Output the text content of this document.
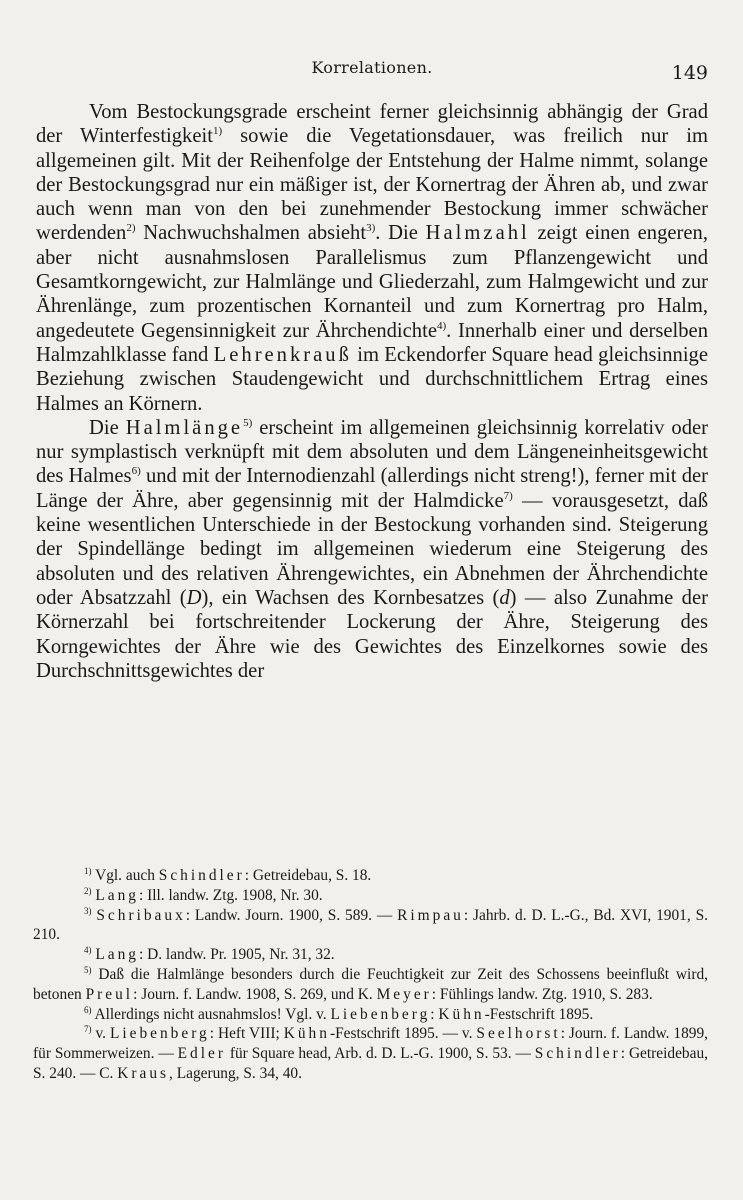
Korrelationen.	149

Vom Bestockungsgrade erscheint ferner gleichsinnig abhängig der Grad der Winterfestigkeit$^{1)}$ sowie die Vegetationsdauer, was freilich nur im allgemeinen gilt. Mit der Reihenfolge der Entstehung der Halme nimmt, solange der Bestockungsgrad nur ein mäßiger ist, der Kornertrag der Ähren ab, und zwar auch wenn man von den bei zunehmender Bestockung immer schwächer werdenden$^{2)}$ Nachwuchshalmen absieht$^{3)}$. Die Halmzahl zeigt einen engeren, aber nicht ausnahmslosen Parallelismus zum Pflanzengewicht und Gesamtkorngewicht, zur Halmlänge und Gliederzahl, zum Halmgewicht und zur Ährenlänge, zum prozentischen Kornanteil und zum Kornertrag pro Halm, angedeutete Gegensinnigkeit zur Ährchendichte$^{4)}$. Innerhalb einer und derselben Halmzahlklasse fand Lehrenkrauß im Eckendorfer Square head gleichsinnige Beziehung zwischen Staudengewicht und durchschnittlichem Ertrag eines Halmes an Körnern.

Die Halmlänge$^{5)}$ erscheint im allgemeinen gleichsinnig korrelativ oder nur symplastisch verknüpft mit dem absoluten und dem Längeneinheitsgewicht des Halmes$^{6)}$ und mit der Internodienzahl (allerdings nicht streng!), ferner mit der Länge der Ähre, aber gegensinnig mit der Halmdicke$^{7)}$ — vorausgesetzt, daß keine wesentlichen Unterschiede in der Bestockung vorhanden sind. Steigerung der Spindellänge bedingt im allgemeinen wiederum eine Steigerung des absoluten und des relativen Ährengewichtes, ein Abnehmen der Ährchendichte oder Absatzzahl (D), ein Wachsen des Kornbesatzes (d) — also Zunahme der Körnerzahl bei fortschreitender Lockerung der Ähre, Steigerung des Korngewichtes der Ähre wie des Gewichtes des Einzelkornes sowie des Durchschnittsgewichtes der

$^{1)}$ Vgl. auch Schindler: Getreidebau, S. 18.

$^{2)}$ Lang: Ill. landw. Ztg. 1908, Nr. 30.

$^{3)}$ Schribaux: Landw. Journ. 1900, S. 589. — Rimpau: Jahrb. d. D. L.-G., Bd. XVI, 1901, S. 210.

$^{4)}$ Lang: D. landw. Pr. 1905, Nr. 31, 32.

$^{5)}$ Daß die Halmlänge besonders durch die Feuchtigkeit zur Zeit des Schossens beeinflußt wird, betonen Preul: Journ. f. Landw. 1908, S. 269, und K. Meyer: Fühlings landw. Ztg. 1910, S. 283.

$^{6)}$ Allerdings nicht ausnahmslos! Vgl. v. Liebenberg: Kühn-Festschrift 1895.

$^{7)}$ v. Liebenberg: Heft VIII; Kühn-Festschrift 1895. — v. Seelhorst: Journ. f. Landw. 1899, für Sommerweizen. — Edler für Square head, Arb. d. D. L.-G. 1900, S. 53. — Schindler: Getreidebau, S. 240. — C. Kraus, Lagerung, S. 34, 40.
